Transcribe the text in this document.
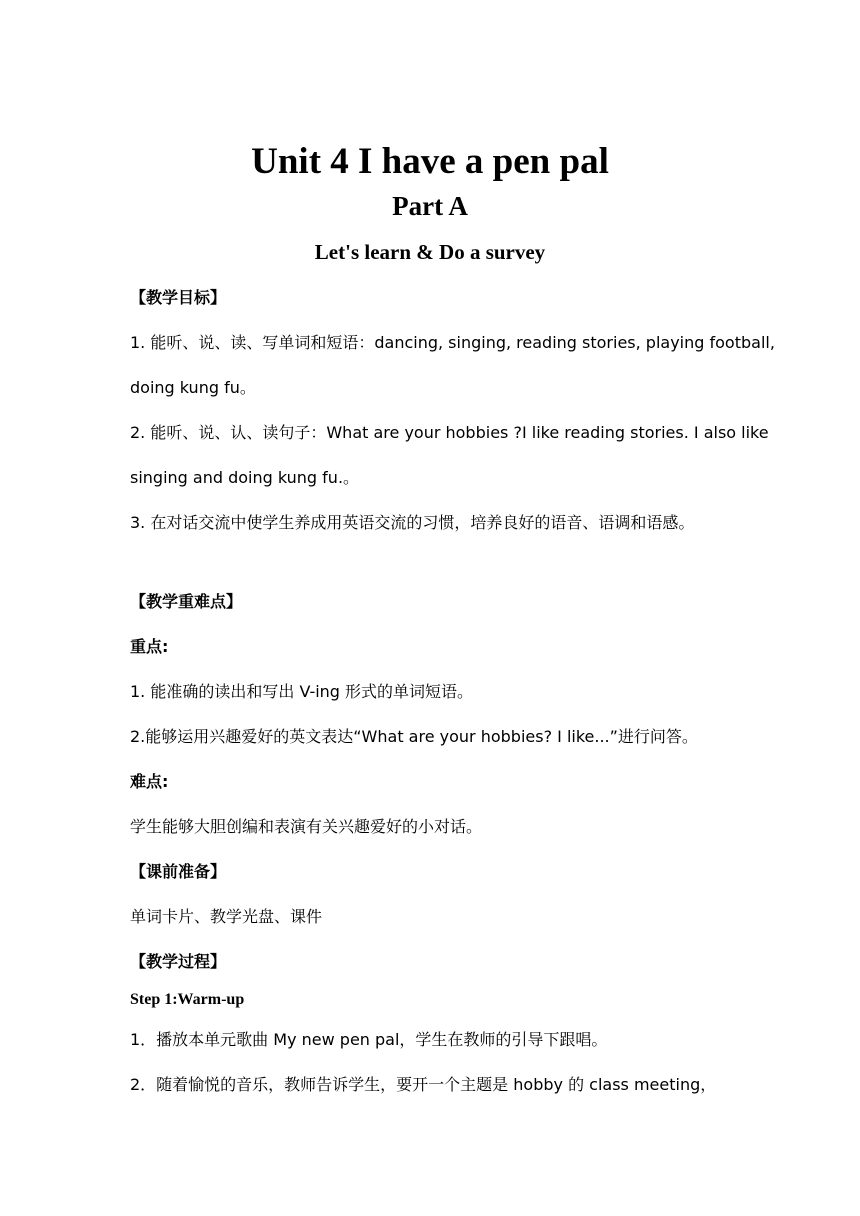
Unit 4 I have a pen pal
Part A
Let's learn & Do a survey
【教学目标】
1. 能听、说、读、写单词和短语：dancing, singing, reading stories, playing football,
doing kung fu。
2. 能听、说、认、读句子：What are your hobbies ?I like reading stories. I also like
singing and doing kung fu.。
3. 在对话交流中使学生养成用英语交流的习惯，培养良好的语音、语调和语感。
【教学重难点】
重点:
1. 能准确的读出和写出 V-ing 形式的单词短语。
2.能够运用兴趣爱好的英文表达“What are your hobbies? I like...”进行问答。
难点:
学生能够大胆创编和表演有关兴趣爱好的小对话。
【课前准备】
单词卡片、教学光盘、课件
【教学过程】
Step 1:Warm-up
1．播放本单元歌曲 My new pen pal，学生在教师的引导下跟唱。
2．随着愉悦的音乐，教师告诉学生，要开一个主题是 hobby 的 class meeting，
